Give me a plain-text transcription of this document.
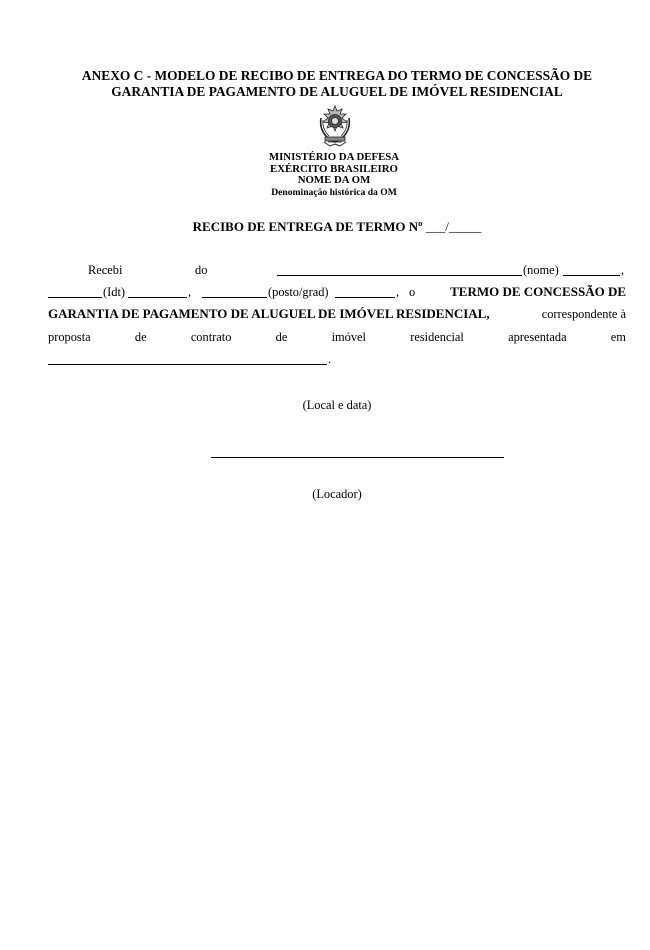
ANEXO C - MODELO DE RECIBO DE ENTREGA DO TERMO DE CONCESSÃO DE
GARANTIA DE PAGAMENTO DE ALUGUEL DE IMÓVEL RESIDENCIAL
MINISTÉRIO DA DEFESA
EXÉRCITO BRASILEIRO
NOME DA OM
Denominação histórica da OM
RECIBO DE ENTREGA DE TERMO Nº ___/_____
Recebi	do	(nome)	,
(Idt)	,	(posto/grad)	, o	TERMO DE CONCESSÃO DE
GARANTIA DE PAGAMENTO DE ALUGUEL DE IMÓVEL RESIDENCIAL,	correspondente à
proposta	de	contrato	de	imóvel	residencial	apresentada	em
.
(Local e data)
(Locador)
